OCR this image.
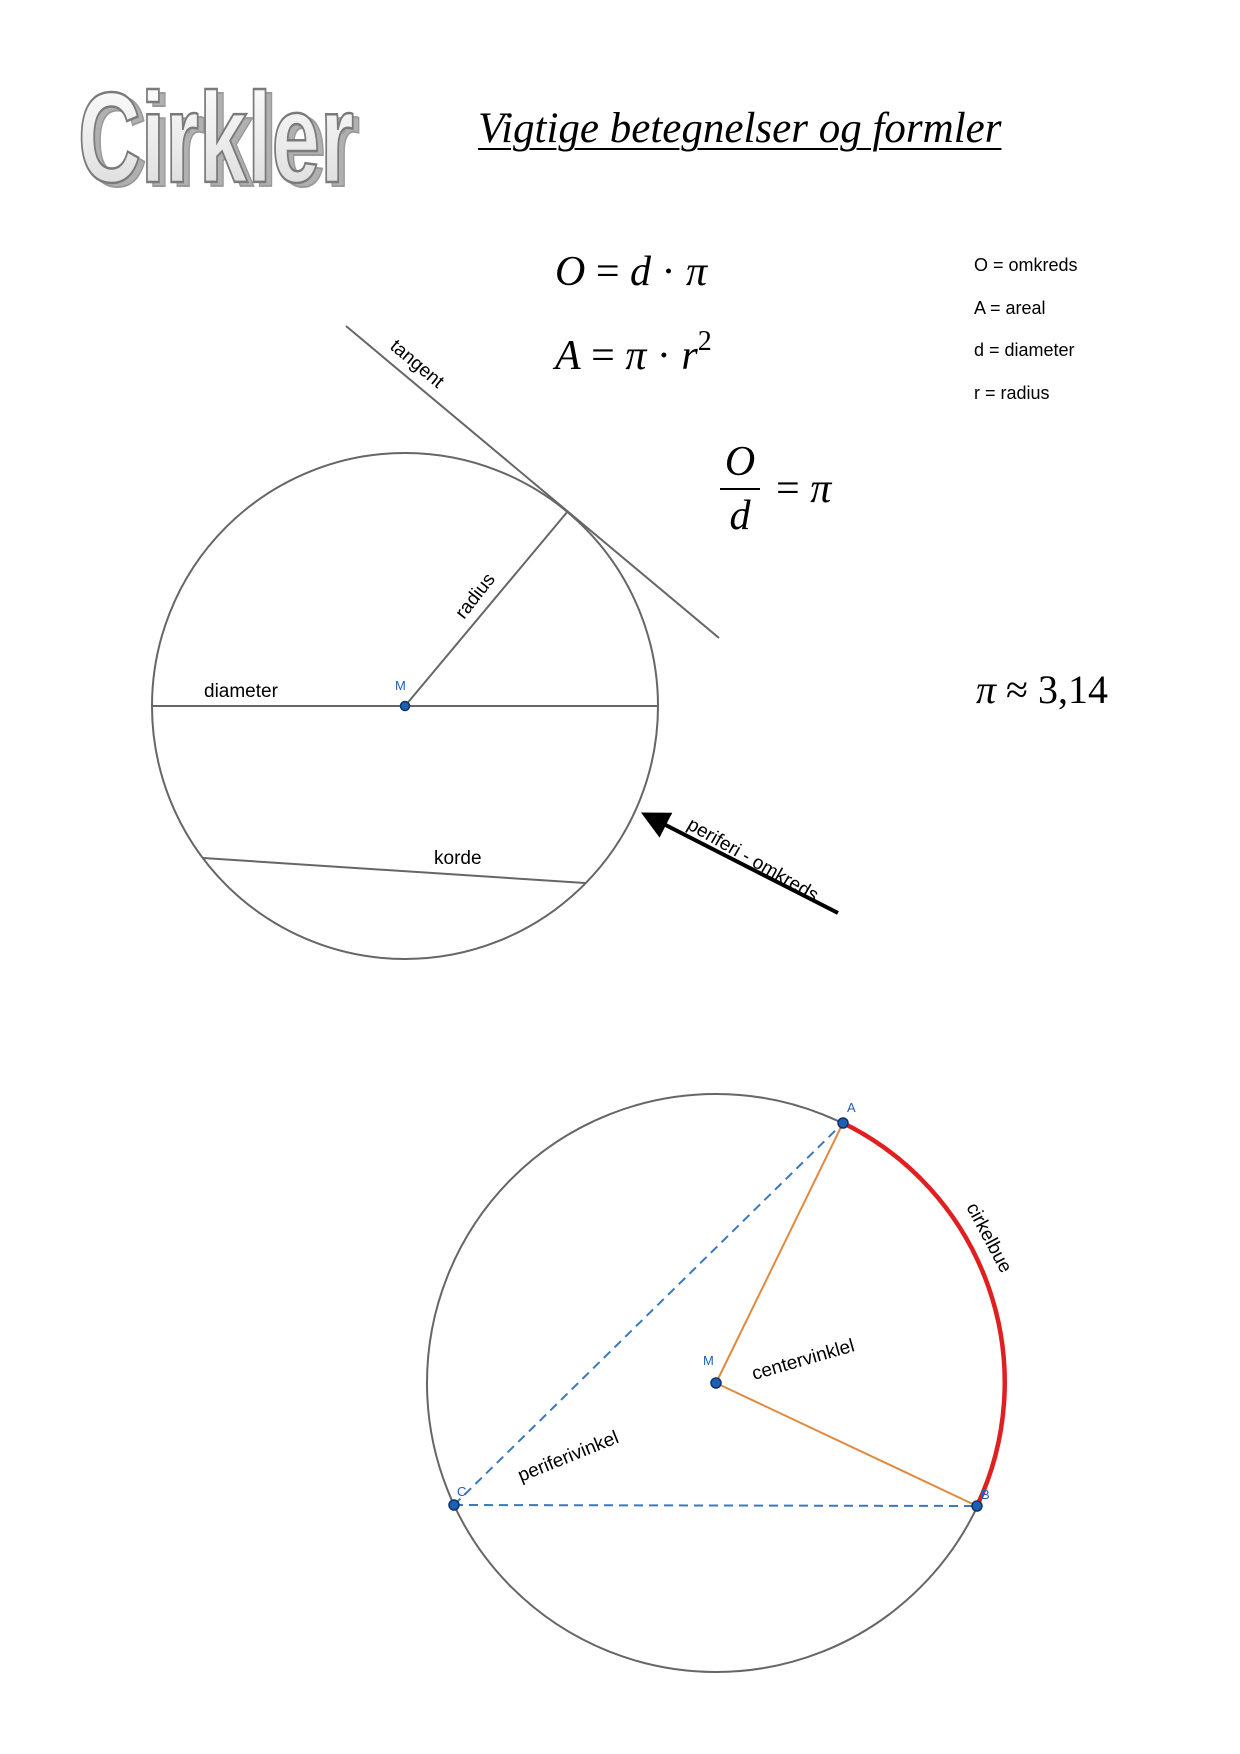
Cirkler
Cirkler	Vigtige betegnelser og formler
O = d · π
$A = \pi \cdot r^2$
$\frac{O}{d}$ =
π
π ≈ 3,14
O = omkreds
A = areal
d = diameter
r = radius
tangent
radius
diameter	M
korde	periferi - omkreds
A
B
C
M
cirkelbue
centervinklel
periferivinkel
